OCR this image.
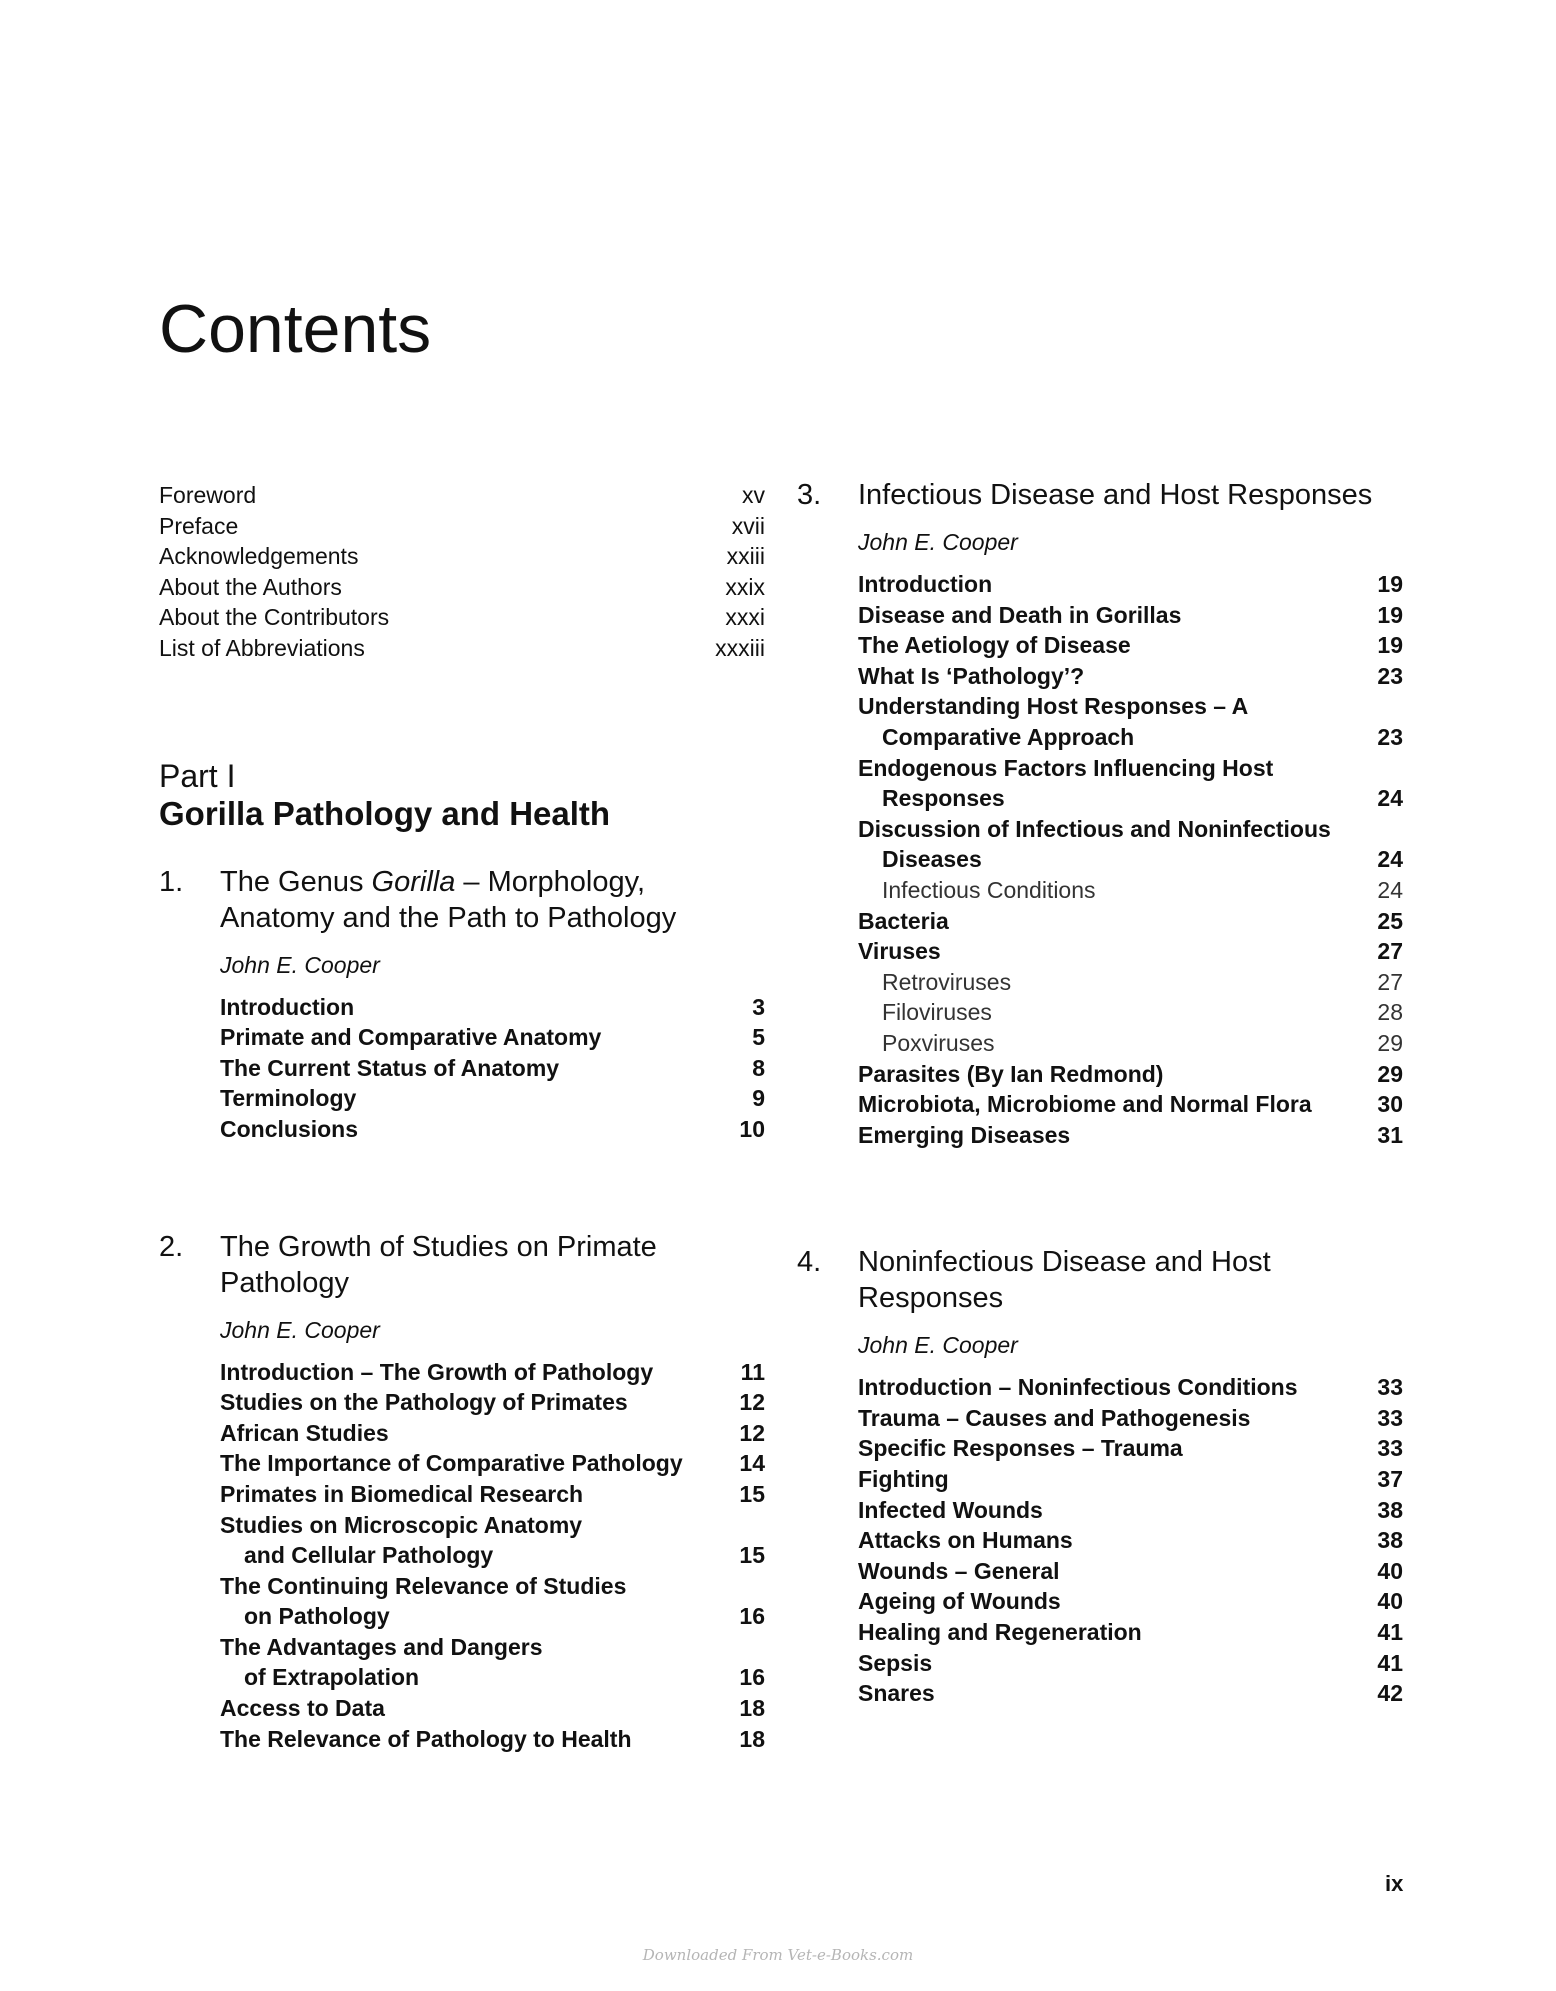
Contents
Foreword	xv
Preface	xvii
Acknowledgements	xxiii
About the Authors	xxix
About the Contributors	xxxi
List of Abbreviations	xxxiii
Part I
Gorilla Pathology and Health
1.	The Genus Gorilla – Morphology, Anatomy and the Path to Pathology
John E. Cooper
Introduction	3
Primate and Comparative Anatomy	5
The Current Status of Anatomy	8
Terminology	9
Conclusions	10
2.	The Growth of Studies on Primate Pathology
John E. Cooper
Introduction – The Growth of Pathology	11
Studies on the Pathology of Primates	12
African Studies	12
The Importance of Comparative Pathology	14
Primates in Biomedical Research	15
Studies on Microscopic Anatomy
and Cellular Pathology	15
The Continuing Relevance of Studies
on Pathology	16
The Advantages and Dangers
of Extrapolation	16
Access to Data	18
The Relevance of Pathology to Health	18
3.	Infectious Disease and Host Responses
John E. Cooper
Introduction	19
Disease and Death in Gorillas	19
The Aetiology of Disease	19
What Is ‘Pathology’?	23
Understanding Host Responses – A
Comparative Approach	23
Endogenous Factors Influencing Host
Responses	24
Discussion of Infectious and Noninfectious
Diseases	24
Infectious Conditions	24
Bacteria	25
Viruses	27
Retroviruses	27
Filoviruses	28
Poxviruses	29
Parasites (By Ian Redmond)	29
Microbiota, Microbiome and Normal Flora	30
Emerging Diseases	31
4.	Noninfectious Disease and Host Responses
John E. Cooper
Introduction – Noninfectious Conditions	33
Trauma – Causes and Pathogenesis	33
Specific Responses – Trauma	33
Fighting	37
Infected Wounds	38
Attacks on Humans	38
Wounds – General	40
Ageing of Wounds	40
Healing and Regeneration	41
Sepsis	41
Snares	42
ix
Downloaded From Vet-e-Books.com
